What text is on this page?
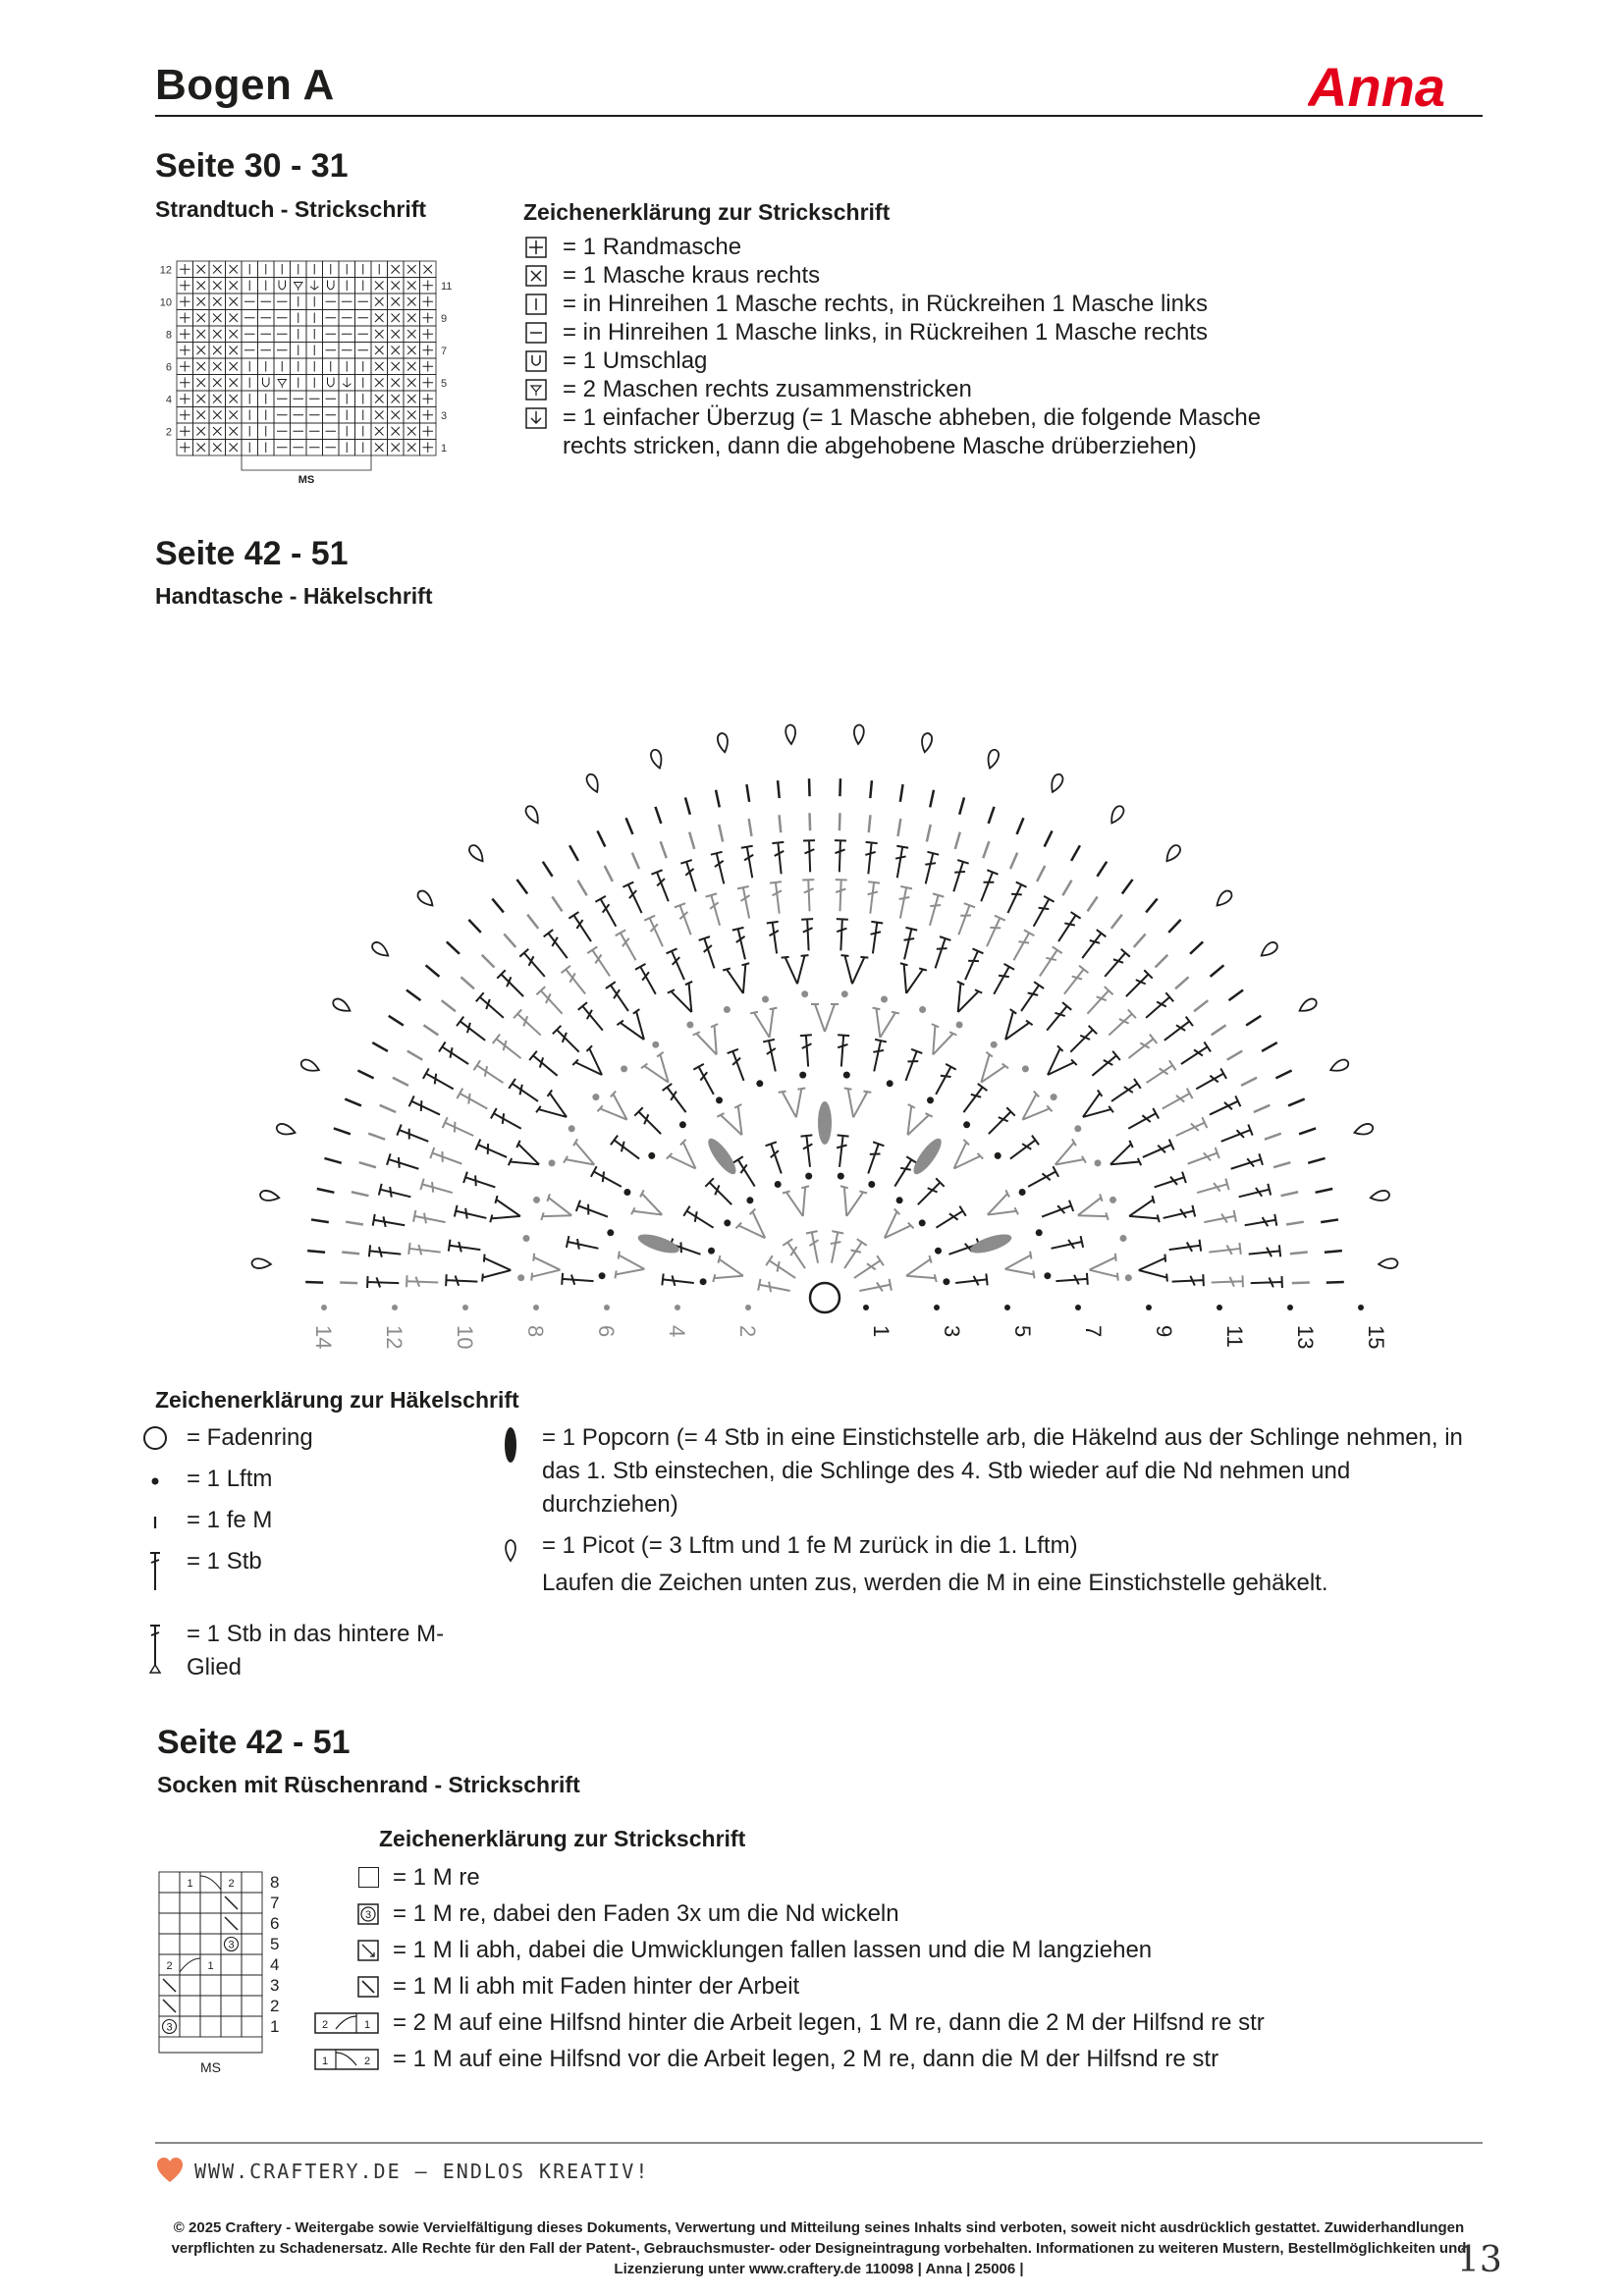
Bogen A	Anna
Seite 30 - 31
Strandtuch - Strickschrift
12
10
8
6
4
2
11
9
7
5
3
1
MS
Zeichenerklärung zur Strickschrift
= 1 Randmasche
= 1 Masche kraus rechts
= in Hinreihen 1 Masche rechts, in Rückreihen 1 Masche links
= in Hinreihen 1 Masche links, in Rückreihen 1 Masche rechts
= 1 Umschlag
= 2 Maschen rechts zusammenstricken
= 1 einfacher Überzug (= 1 Masche abheben, die folgende Masche
rechts stricken, dann die abgehobene Masche drüberziehen)
Seite 42 - 51
Handtasche - Häkelschrift
1
2	3
4	5
6	7
8	9
10	11
12	13
14	15
Zeichenerklärung zur Häkelschrift
= Fadenring
= 1 Lftm
= 1 fe M
= 1 Stb
= 1 Stb in das hintere M-Glied
= 1 Popcorn (= 4 Stb in eine Einstichstelle arb, die Häkelnd aus der Schlinge nehmen, in das 1. Stb einstechen, die Schlinge des 4. Stb wieder auf die Nd nehmen und durchziehen)
= 1 Picot (= 3 Lftm und 1 fe M zurück in die 1. Lftm)
Laufen die Zeichen unten zus, werden die M in eine Einstichstelle gehäkelt.
Seite 42 - 51
Socken mit Rüschenrand - Strickschrift
1	2
3
2	1
3
8
7
6
5
4
3
2
1
MS
Zeichenerklärung zur Strickschrift
= 1 M re
3 = 1 M re, dabei den Faden 3x um die Nd wickeln
= 1 M li abh, dabei die Umwicklungen fallen lassen und die M langziehen
= 1 M li abh mit Faden hinter der Arbeit
2	1 = 2 M auf eine Hilfsnd hinter die Arbeit legen, 1 M re, dann die 2 M der Hilfsnd re str
1	2 = 1 M auf eine Hilfsnd vor die Arbeit legen, 2 M re, dann die M der Hilfsnd re str
WWW.CRAFTERY.DE – ENDLOS KREATIV!
© 2025 Craftery - Weitergabe sowie Vervielfältigung dieses Dokuments, Verwertung und Mitteilung seines Inhalts sind verboten, soweit nicht ausdrücklich gestattet. Zuwiderhandlungen verpflichten zu Schadenersatz. Alle Rechte für den Fall der Patent-, Gebrauchsmuster- oder Designeintragung vorbehalten. Informationen zu weiteren Mustern, Bestellmöglichkeiten und Lizenzierung unter www.craftery.de 110098 | Anna | 25006 |	13
